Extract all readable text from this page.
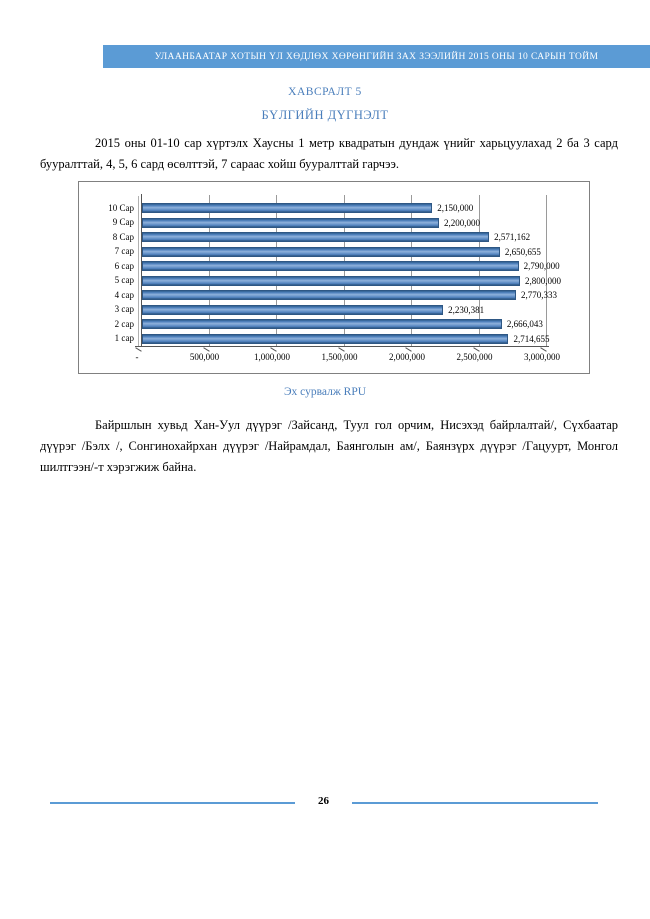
УЛААНБААТАР ХОТЫН ҮЛ ХӨДЛӨХ ХӨРӨНГИЙН ЗАХ ЗЭЭЛИЙН 2015 ОНЫ 10 САРЫН ТОЙМ
ХАВСРАЛТ 5
БҮЛГИЙН ДҮГНЭЛТ
2015 оны 01-10 сар хүртэлх Хаусны 1 метр квадратын дундаж үнийг харьцуулахад 2 ба 3 сард бууралттай, 4, 5, 6 сард өсөлттэй, 7 сараас хойш бууралттай гарчээ.
-	500,000	1,000,000	1,500,000	2,000,000	2,500,000	3,000,000
10 Сар	2,150,000
9 Сар	2,200,000
8 Сар	2,571,162
7 сар	2,650,655
6 сар	2,790,000
5 сар	2,800,000
4 сар	2,770,333
3 сар	2,230,381
2 сар	2,666,043
1 сар	2,714,655
Эх сурвалж RPU
Байршлын хувьд Хан-Уул дүүрэг /Зайсанд, Туул гол орчим, Нисэхэд байрлалтай/, Сүхбаатар дүүрэг /Бэлх /, Сонгинохайрхан дүүрэг /Найрамдал, Баянголын ам/, Баянзүрх дүүрэг /Гацуурт, Монгол шилтгээн/-т хэрэгжиж байна.
26
